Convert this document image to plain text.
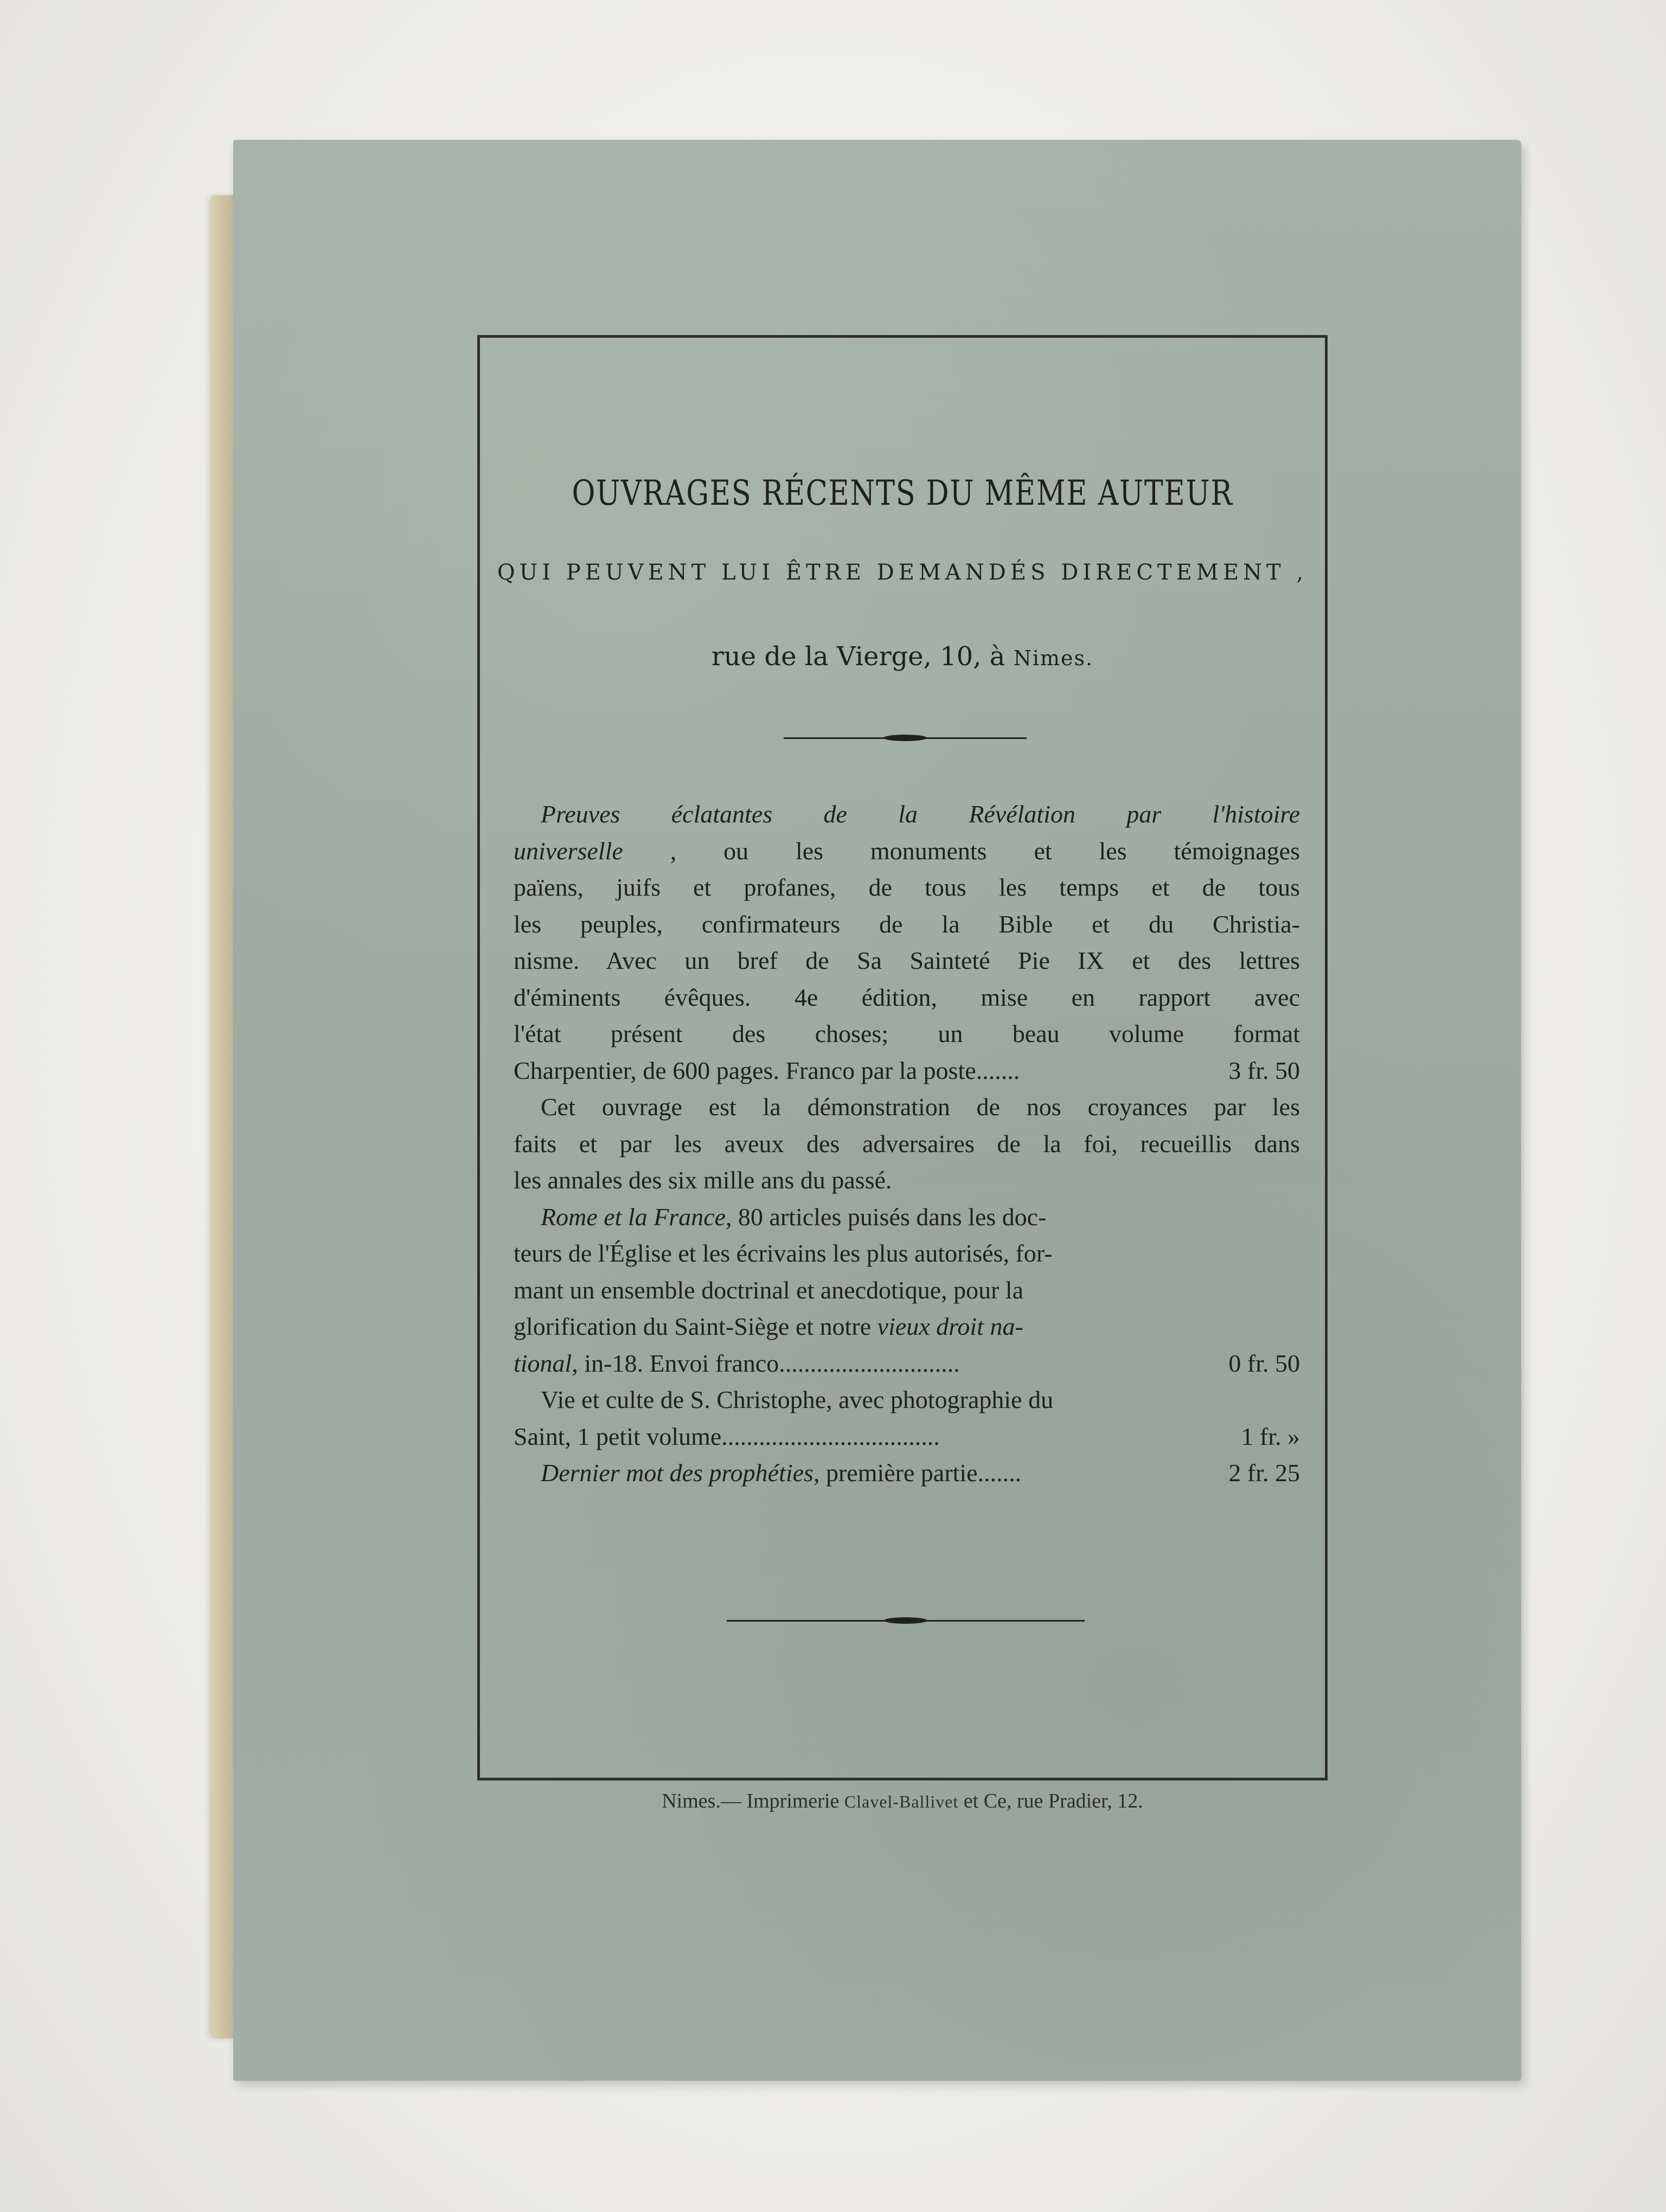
OUVRAGES RÉCENTS DU MÊME AUTEUR
QUI PEUVENT LUI ÊTRE DEMANDÉS DIRECTEMENT ,
rue de la Vierge, 10, à Nimes.
Preuves éclatantes de la Révélation par l'histoire
universelle , ou les monuments et les témoignages
païens, juifs et profanes, de tous les temps et de tous
les peuples, confirmateurs de la Bible et du Christia-
nisme. Avec un bref de Sa Sainteté Pie IX et des lettres
d'éminents évêques. 4e édition, mise en rapport avec
l'état présent des choses; un beau volume format
Charpentier, de 600 pages. Franco par la poste.......	3 fr. 50
Cet ouvrage est la démonstration de nos croyances par les
faits et par les aveux des adversaires de la foi, recueillis dans
les annales des six mille ans du passé.
Rome et la France, 80 articles puisés dans les doc-
teurs de l'Église et les écrivains les plus autorisés, for-
mant un ensemble doctrinal et anecdotique, pour la
glorification du Saint-Siège et notre vieux droit na-
tional, in-18. Envoi franco.............................	0 fr. 50
Vie et culte de S. Christophe, avec photographie du
Saint, 1 petit volume...................................	1 fr. »
Dernier mot des prophéties, première partie.......	2 fr. 25
Nimes.— Imprimerie Clavel-Ballivet et Ce, rue Pradier, 12.
